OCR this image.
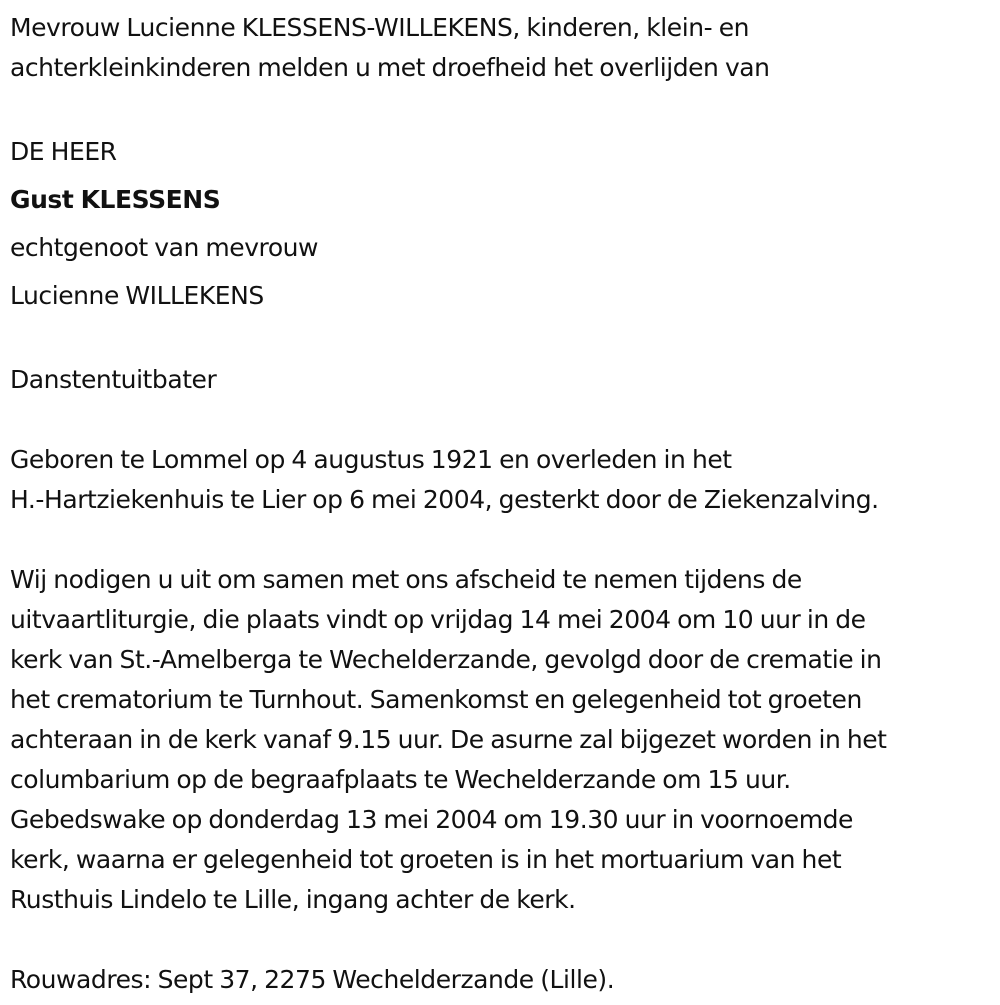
Mevrouw Lucienne KLESSENS-WILLEKENS, kinderen, klein- en
achterkleinkinderen melden u met droefheid het overlijden van
DE HEER
Gust KLESSENS
echtgenoot van mevrouw
Lucienne WILLEKENS
Danstentuitbater
Geboren te Lommel op 4 augustus 1921 en overleden in het
H.-Hartziekenhuis te Lier op 6 mei 2004, gesterkt door de Ziekenzalving.
Wij nodigen u uit om samen met ons afscheid te nemen tijdens de
uitvaartliturgie, die plaats vindt op vrijdag 14 mei 2004 om 10 uur in de
kerk van St.-Amelberga te Wechelderzande, gevolgd door de crematie in
het crematorium te Turnhout. Samenkomst en gelegenheid tot groeten
achteraan in de kerk vanaf 9.15 uur. De asurne zal bijgezet worden in het
columbarium op de begraafplaats te Wechelderzande om 15 uur.
Gebedswake op donderdag 13 mei 2004 om 19.30 uur in voornoemde
kerk, waarna er gelegenheid tot groeten is in het mortuarium van het
Rusthuis Lindelo te Lille, ingang achter de kerk.
Rouwadres: Sept 37, 2275 Wechelderzande (Lille).
